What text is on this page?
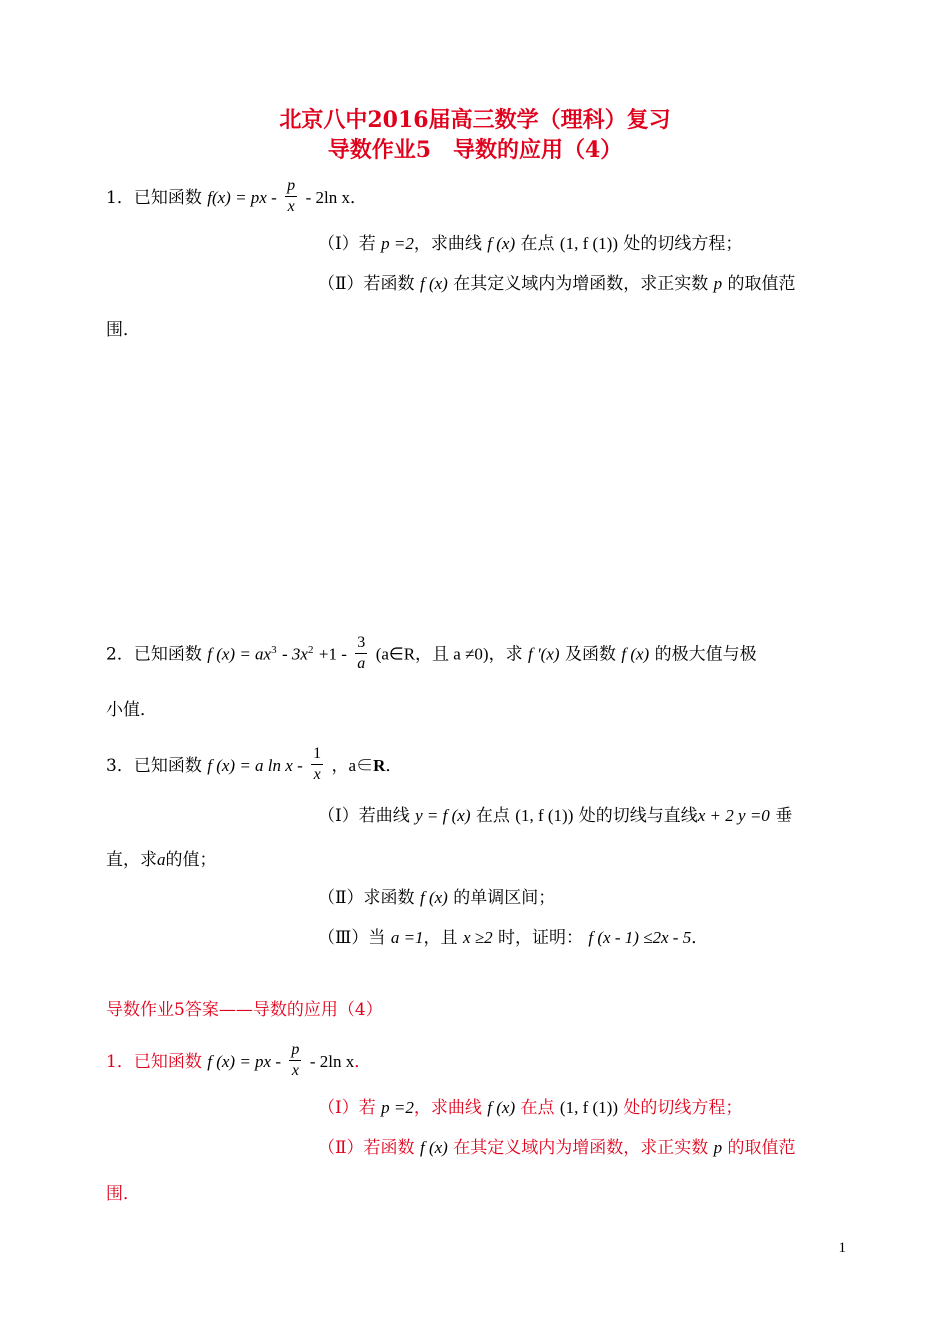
北京八中2016届高三数学（理科）复习
导数作业5　导数的应用（4）
1．已知函数 f(x) = px - $\frac{p}{x} - 2\ln$ x．
（Ⅰ）若 p =2，求曲线 f (x) 在点 (1, f (1)) 处的切线方程；
（Ⅱ）若函数 f (x) 在其定义域内为增函数，求正实数 p 的取值范
围．
2．已知函数 f $(x) = ax^3 - 3x^2 +1 - \frac{3}{a}$ (a∈R，且 a ≠0)，求 f ′(x) 及函数 f (x) 的极大值与极
小值．
3．已知函数 f (x) = a ln x - $\frac{1}{x}$ ，a∈R．
（Ⅰ）若曲线 y = f (x) 在点 (1, f (1)) 处的切线与直线x + 2 y =0 垂
直，求a的值；
（Ⅱ）求函数 f (x) 的单调区间；
（Ⅲ）当 a =1，且 x ≥2 时，证明： f (x - 1) ≤2x - 5．
导数作业5答案——导数的应用（4）
1．已知函数 f (x) = px - $\frac{p}{x} - 2\ln$ x．
（Ⅰ）若 p =2，求曲线 f (x) 在点 (1, f (1)) 处的切线方程；
（Ⅱ）若函数 f (x) 在其定义域内为增函数，求正实数 p 的取值范
围．
1
